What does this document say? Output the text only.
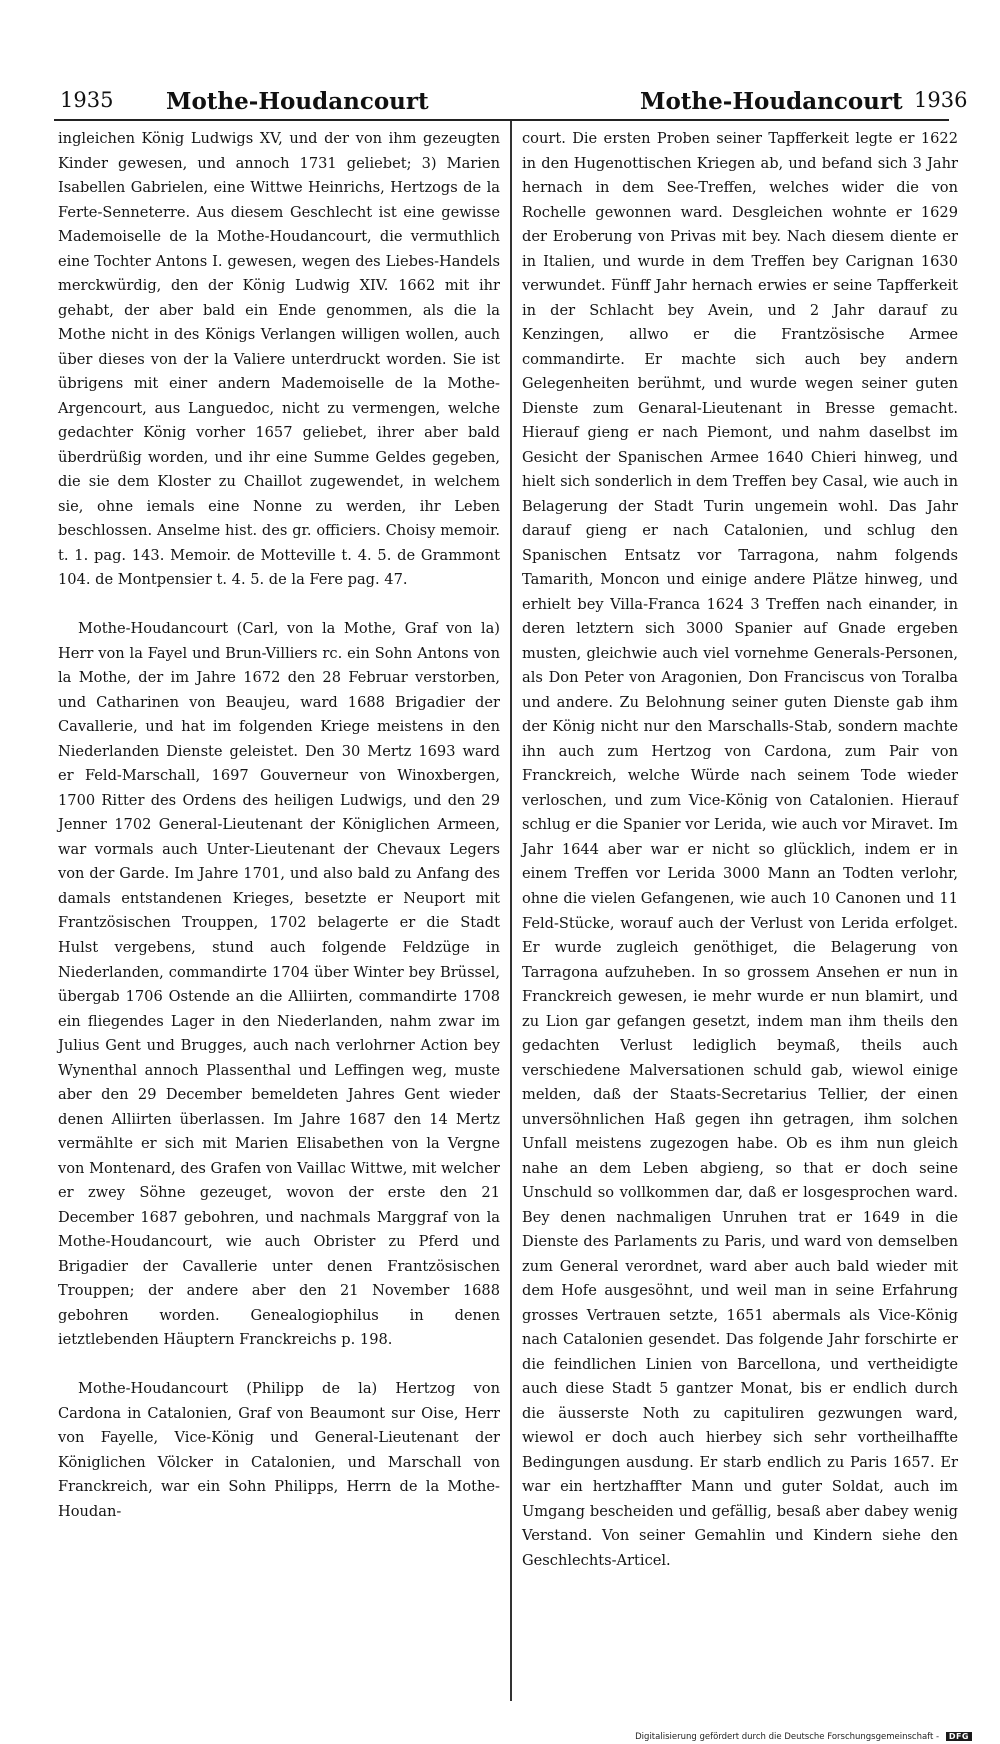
1935 Mothe-Houdancourt	Mothe-Houdancourt 1936

ingleichen König Ludwigs XV, und der von ihm gezeugten Kinder gewesen, und annoch 1731 geliebet; 3) Marien Isabellen Gabrielen, eine Wittwe Heinrichs, Hertzogs de la Ferte-Senneterre. Aus diesem Geschlecht ist eine gewisse Mademoiselle de la Mothe-Houdancourt, die vermuthlich eine Tochter Antons I. gewesen, wegen des Liebes-Handels merckwürdig, den der König Ludwig XIV. 1662 mit ihr gehabt, der aber bald ein Ende genommen, als die la Mothe nicht in des Königs Verlangen willigen wollen, auch über dieses von der la Valiere unterdruckt worden. Sie ist übrigens mit einer andern Mademoiselle de la Mothe-Argencourt, aus Languedoc, nicht zu vermengen, welche gedachter König vorher 1657 geliebet, ihrer aber bald überdrüßig worden, und ihr eine Summe Geldes gegeben, die sie dem Kloster zu Chaillot zugewendet, in welchem sie, ohne iemals eine Nonne zu werden, ihr Leben beschlossen. Anselme hist. des gr. officiers. Choisy memoir. t. 1. pag. 143. Memoir. de Motteville t. 4. 5. de Grammont 104. de Montpensier t. 4. 5. de la Fere pag. 47.

Mothe-Houdancourt (Carl, von la Mothe, Graf von la) Herr von la Fayel und Brun-Villiers rc. ein Sohn Antons von la Mothe, der im Jahre 1672 den 28 Februar verstorben, und Catharinen von Beaujeu, ward 1688 Brigadier der Cavallerie, und hat im folgenden Kriege meistens in den Niederlanden Dienste geleistet. Den 30 Mertz 1693 ward er Feld-Marschall, 1697 Gouverneur von Winoxbergen, 1700 Ritter des Ordens des heiligen Ludwigs, und den 29 Jenner 1702 General-Lieutenant der Königlichen Armeen, war vormals auch Unter-Lieutenant der Chevaux Legers von der Garde. Im Jahre 1701, und also bald zu Anfang des damals entstandenen Krieges, besetzte er Neuport mit Frantzösischen Trouppen, 1702 belagerte er die Stadt Hulst vergebens, stund auch folgende Feldzüge in Niederlanden, commandirte 1704 über Winter bey Brüssel, übergab 1706 Ostende an die Alliirten, commandirte 1708 ein fliegendes Lager in den Niederlanden, nahm zwar im Julius Gent und Brugges, auch nach verlohrner Action bey Wynenthal annoch Plassenthal und Leffingen weg, muste aber den 29 December bemeldeten Jahres Gent wieder denen Alliirten überlassen. Im Jahre 1687 den 14 Mertz vermählte er sich mit Marien Elisabethen von la Vergne von Montenard, des Grafen von Vaillac Wittwe, mit welcher er zwey Söhne gezeuget, wovon der erste den 21 December 1687 gebohren, und nachmals Marggraf von la Mothe-Houdancourt, wie auch Obrister zu Pferd und Brigadier der Cavallerie unter denen Frantzösischen Trouppen; der andere aber den 21 November 1688 gebohren worden. Genealogiophilus in denen ietztlebenden Häuptern Franckreichs p. 198.

Mothe-Houdancourt (Philipp de la) Hertzog von Cardona in Catalonien, Graf von Beaumont sur Oise, Herr von Fayelle, Vice-König und General-Lieutenant der Königlichen Völcker in Catalonien, und Marschall von Franckreich, war ein Sohn Philipps, Herrn de la Mothe-Houdan-

court. Die ersten Proben seiner Tapfferkeit legte er 1622 in den Hugenottischen Kriegen ab, und befand sich 3 Jahr hernach in dem See-Treffen, welches wider die von Rochelle gewonnen ward. Desgleichen wohnte er 1629 der Eroberung von Privas mit bey. Nach diesem diente er in Italien, und wurde in dem Treffen bey Carignan 1630 verwundet. Fünff Jahr hernach erwies er seine Tapfferkeit in der Schlacht bey Avein, und 2 Jahr darauf zu Kenzingen, allwo er die Frantzösische Armee commandirte. Er machte sich auch bey andern Gelegenheiten berühmt, und wurde wegen seiner guten Dienste zum Genaral-Lieutenant in Bresse gemacht. Hierauf gieng er nach Piemont, und nahm daselbst im Gesicht der Spanischen Armee 1640 Chieri hinweg, und hielt sich sonderlich in dem Treffen bey Casal, wie auch in Belagerung der Stadt Turin ungemein wohl. Das Jahr darauf gieng er nach Catalonien, und schlug den Spanischen Entsatz vor Tarragona, nahm folgends Tamarith, Moncon und einige andere Plätze hinweg, und erhielt bey Villa-Franca 1624 3 Treffen nach einander, in deren letztern sich 3000 Spanier auf Gnade ergeben musten, gleichwie auch viel vornehme Generals-Personen, als Don Peter von Aragonien, Don Franciscus von Toralba und andere. Zu Belohnung seiner guten Dienste gab ihm der König nicht nur den Marschalls-Stab, sondern machte ihn auch zum Hertzog von Cardona, zum Pair von Franckreich, welche Würde nach seinem Tode wieder verloschen, und zum Vice-König von Catalonien. Hierauf schlug er die Spanier vor Lerida, wie auch vor Miravet. Im Jahr 1644 aber war er nicht so glücklich, indem er in einem Treffen vor Lerida 3000 Mann an Todten verlohr, ohne die vielen Gefangenen, wie auch 10 Canonen und 11 Feld-Stücke, worauf auch der Verlust von Lerida erfolget. Er wurde zugleich genöthiget, die Belagerung von Tarragona aufzuheben. In so grossem Ansehen er nun in Franckreich gewesen, ie mehr wurde er nun blamirt, und zu Lion gar gefangen gesetzt, indem man ihm theils den gedachten Verlust lediglich beymaß, theils auch verschiedene Malversationen schuld gab, wiewol einige melden, daß der Staats-Secretarius Tellier, der einen unversöhnlichen Haß gegen ihn getragen, ihm solchen Unfall meistens zugezogen habe. Ob es ihm nun gleich nahe an dem Leben abgieng, so that er doch seine Unschuld so vollkommen dar, daß er losgesprochen ward. Bey denen nachmaligen Unruhen trat er 1649 in die Dienste des Parlaments zu Paris, und ward von demselben zum General verordnet, ward aber auch bald wieder mit dem Hofe ausgesöhnt, und weil man in seine Erfahrung grosses Vertrauen setzte, 1651 abermals als Vice-König nach Catalonien gesendet. Das folgende Jahr forschirte er die feindlichen Linien von Barcellona, und vertheidigte auch diese Stadt 5 gantzer Monat, bis er endlich durch die äusserste Noth zu capituliren gezwungen ward, wiewol er doch auch hierbey sich sehr vortheilhaffte Bedingungen ausdung. Er starb endlich zu Paris 1657. Er war ein hertzhaffter Mann und guter Soldat, auch im Umgang bescheiden und gefällig, besaß aber dabey wenig Verstand. Von seiner Gemahlin und Kindern siehe den Geschlechts-Articel.

Digitalisierung gefördert durch die Deutsche Forschungsgemeinschaft - DFG
